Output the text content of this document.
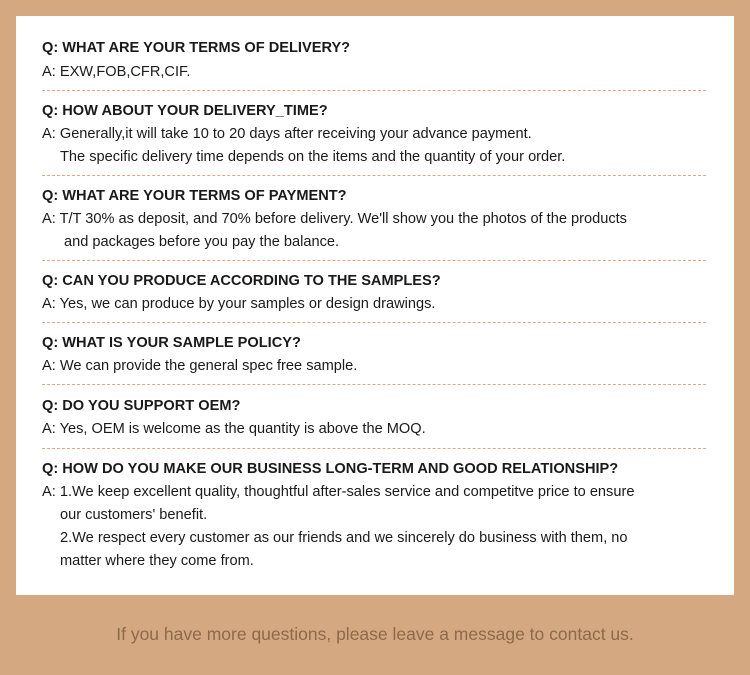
Q: WHAT ARE YOUR TERMS OF DELIVERY?
A: EXW,FOB,CFR,CIF.
Q: HOW ABOUT YOUR DELIVERY_TIME?
A: Generally,it will take 10 to 20 days after receiving your advance payment.
The specific delivery time depends on the items and the quantity of your order.
Q: WHAT ARE YOUR TERMS OF PAYMENT?
A: T/T 30% as deposit, and 70% before delivery. We'll show you the photos of the products
and packages before you pay the balance.
Q: CAN YOU PRODUCE ACCORDING TO THE SAMPLES?
A: Yes, we can produce by your samples or design drawings.
Q: WHAT IS YOUR SAMPLE POLICY?
A: We can provide the general spec free sample.
Q: DO YOU SUPPORT OEM?
A: Yes, OEM is welcome as the quantity is above the MOQ.
Q: HOW DO YOU MAKE OUR BUSINESS LONG-TERM AND GOOD RELATIONSHIP?
A: 1.We keep excellent quality, thoughtful after-sales service and competitve price to ensure
our customers' benefit.
2.We respect every customer as our friends and we sincerely do business with them, no
matter where they come from.
If you have more questions, please leave a message to contact us.
